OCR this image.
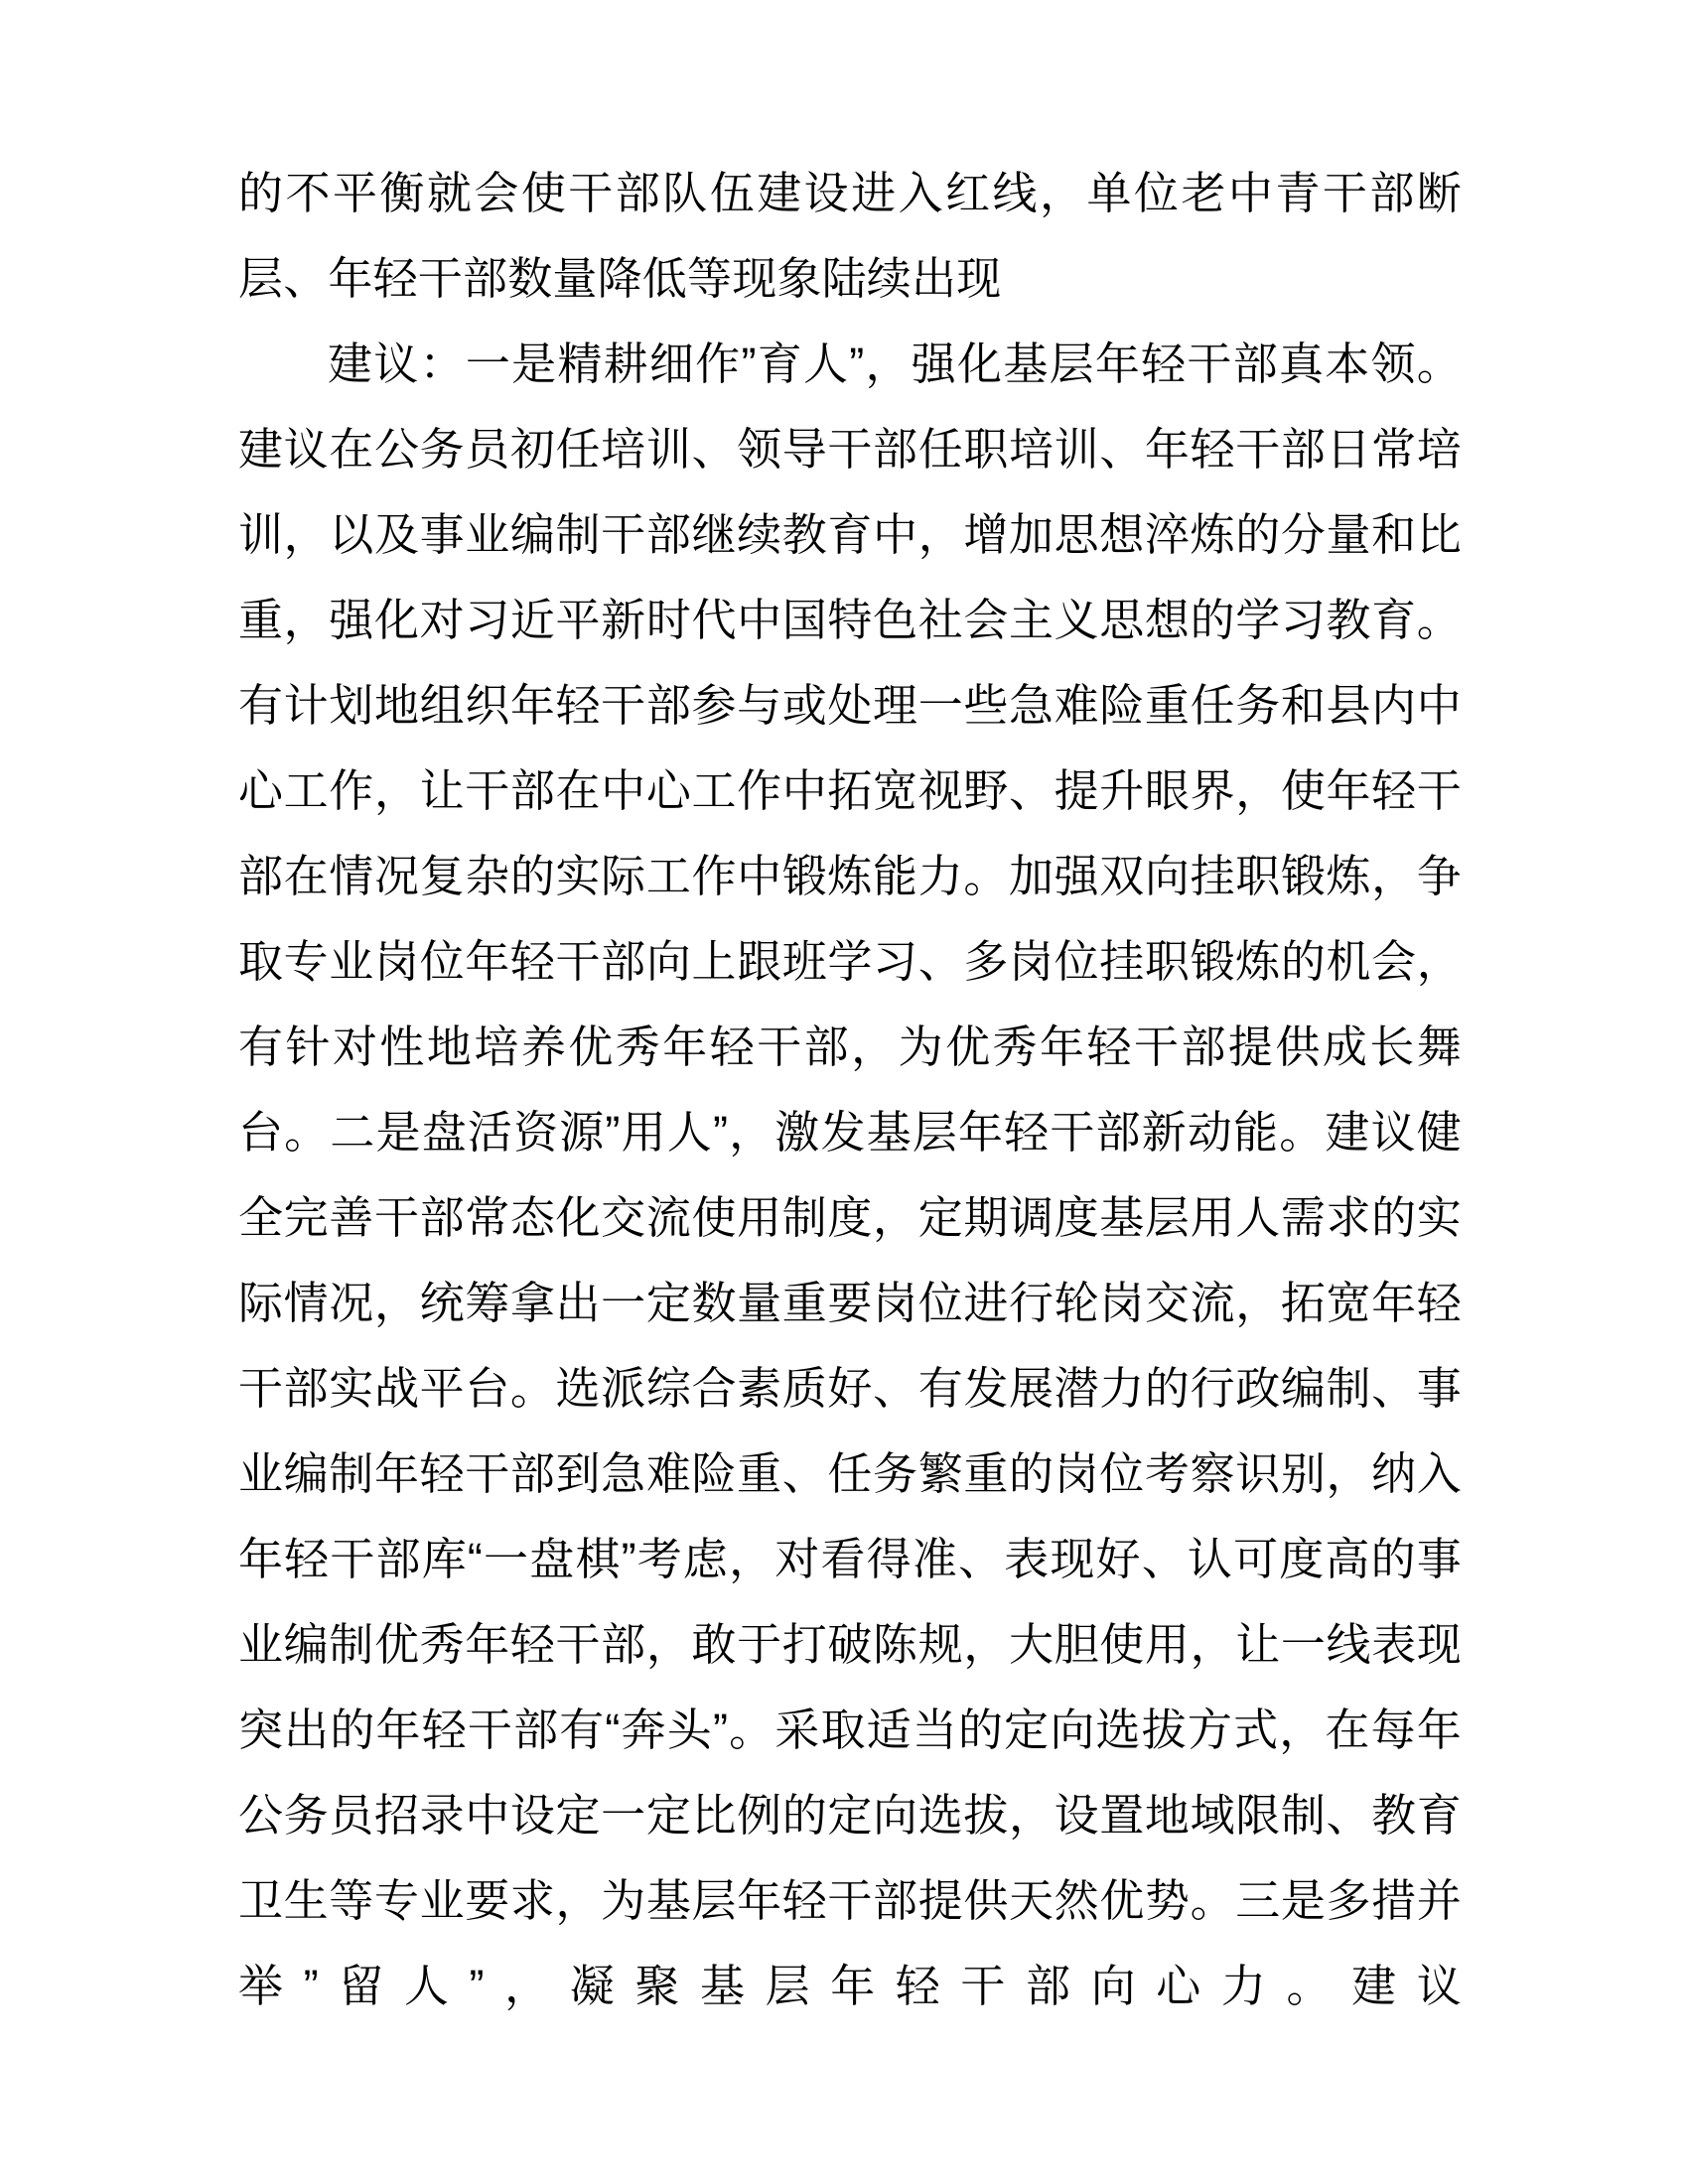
的不平衡就会使干部队伍建设进入红线，单位老中青干部断层、年轻干部数量降低等现象陆续出现

建议：一是精耕细作”育人”，强化基层年轻干部真本领。建议在公务员初任培训、领导干部任职培训、年轻干部日常培训，以及事业编制干部继续教育中，增加思想淬炼的分量和比重，强化对习近平新时代中国特色社会主义思想的学习教育。有计划地组织年轻干部参与或处理一些急难险重任务和县内中心工作，让干部在中心工作中拓宽视野、提升眼界，使年轻干部在情况复杂的实际工作中锻炼能力。加强双向挂职锻炼，争取专业岗位年轻干部向上跟班学习、多岗位挂职锻炼的机会，有针对性地培养优秀年轻干部，为优秀年轻干部提供成长舞台。二是盘活资源”用人”，激发基层年轻干部新动能。建议健全完善干部常态化交流使用制度，定期调度基层用人需求的实际情况，统筹拿出一定数量重要岗位进行轮岗交流，拓宽年轻干部实战平台。选派综合素质好、有发展潜力的行政编制、事业编制年轻干部到急难险重、任务繁重的岗位考察识别，纳入年轻干部库“一盘棋”考虑，对看得准、表现好、认可度高的事业编制优秀年轻干部，敢于打破陈规，大胆使用，让一线表现突出的年轻干部有“奔头”。采取适当的定向选拔方式，在每年公务员招录中设定一定比例的定向选拔，设置地域限制、教育卫生等专业要求，为基层年轻干部提供天然优势。三是多措并举”留人”，凝聚基层年轻干部向心力。建议
